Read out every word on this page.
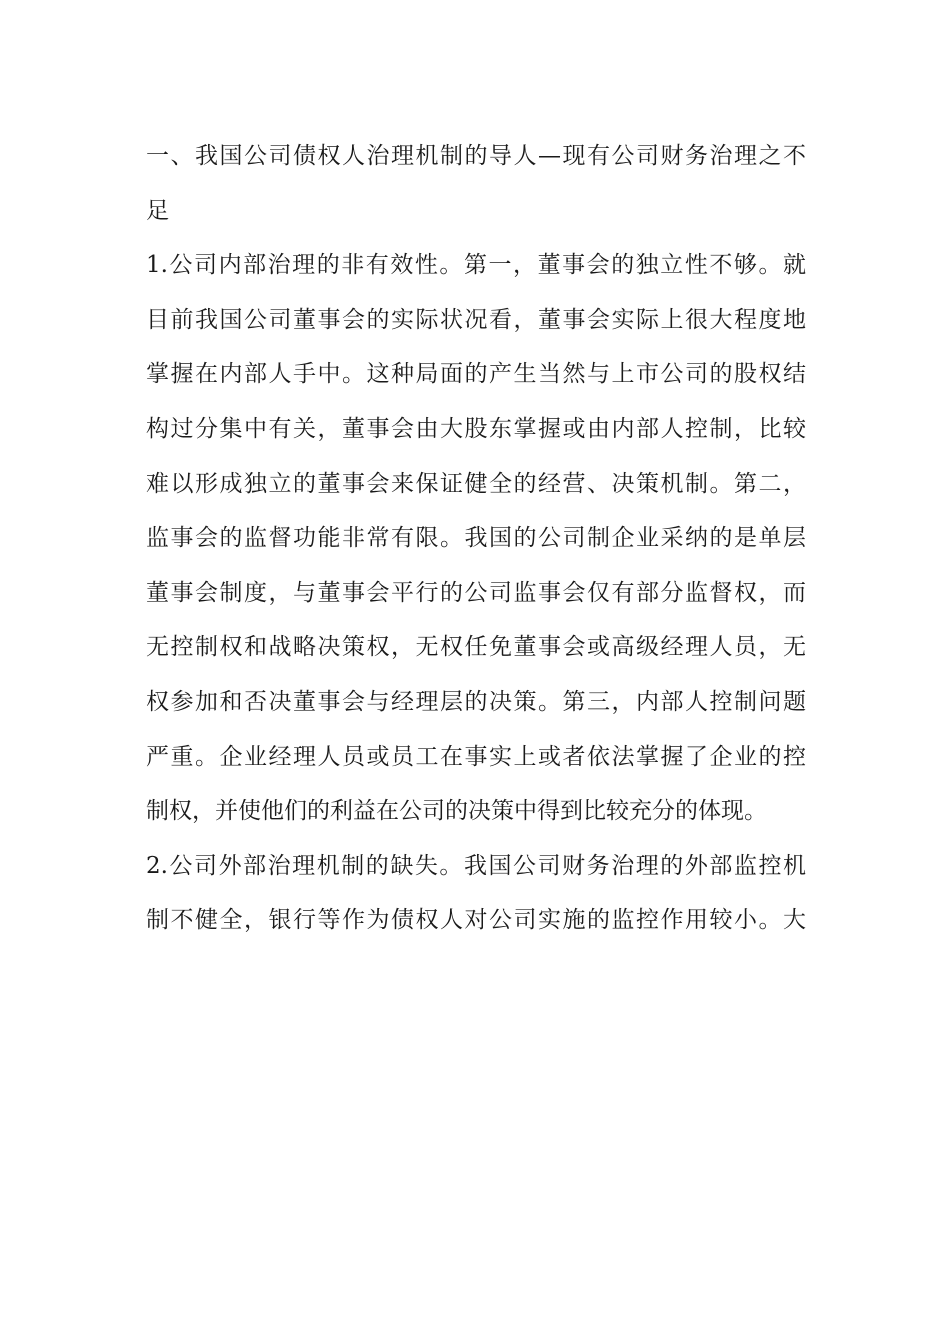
一、我国公司债权人治理机制的导人—现有公司财务治理之不
足
1.公司内部治理的非有效性。第一，董事会的独立性不够。就
目前我国公司董事会的实际状况看，董事会实际上很大程度地
掌握在内部人手中。这种局面的产生当然与上市公司的股权结
构过分集中有关，董事会由大股东掌握或由内部人控制，比较
难以形成独立的董事会来保证健全的经营、决策机制。第二，
监事会的监督功能非常有限。我国的公司制企业采纳的是单层
董事会制度，与董事会平行的公司监事会仅有部分监督权，而
无控制权和战略决策权，无权任免董事会或高级经理人员，无
权参加和否决董事会与经理层的决策。第三，内部人控制问题
严重。企业经理人员或员工在事实上或者依法掌握了企业的控
制权，并使他们的利益在公司的决策中得到比较充分的体现。
2.公司外部治理机制的缺失。我国公司财务治理的外部监控机
制不健全，银行等作为债权人对公司实施的监控作用较小。大
